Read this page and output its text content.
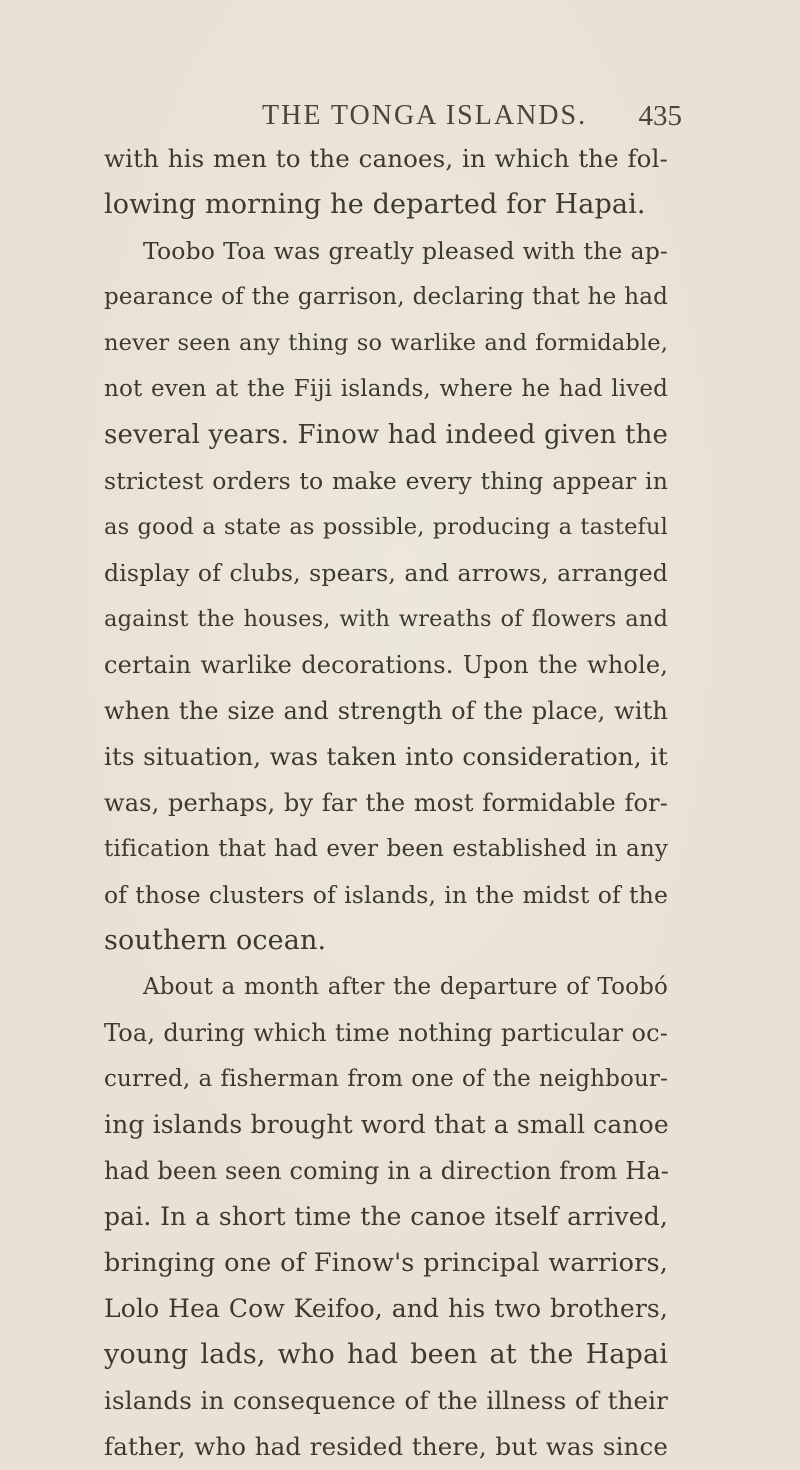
THE TONGA ISLANDS. 435
with his men to the canoes, in which the fol-
lowing morning he departed for Hapai.
Toobo Toa was greatly pleased with the ap-
pearance of the garrison, declaring that he had
never seen any thing so warlike and formidable,
not even at the Fiji islands, where he had lived
several years. Finow had indeed given the
strictest orders to make every thing appear in
as good a state as possible, producing a tasteful
display of clubs, spears, and arrows, arranged
against the houses, with wreaths of flowers and
certain warlike decorations. Upon the whole,
when the size and strength of the place, with
its situation, was taken into consideration, it
was, perhaps, by far the most formidable for-
tification that had ever been established in any
of those clusters of islands, in the midst of the
southern ocean.
About a month after the departure of Toobó
Toa, during which time nothing particular oc-
curred, a fisherman from one of the neighbour-
ing islands brought word that a small canoe
had been seen coming in a direction from Ha-
pai. In a short time the canoe itself arrived,
bringing one of Finow's principal warriors,
Lolo Hea Cow Keifoo, and his two brothers,
young lads, who had been at the Hapai
islands in consequence of the illness of their
father, who had resided there, but was since
